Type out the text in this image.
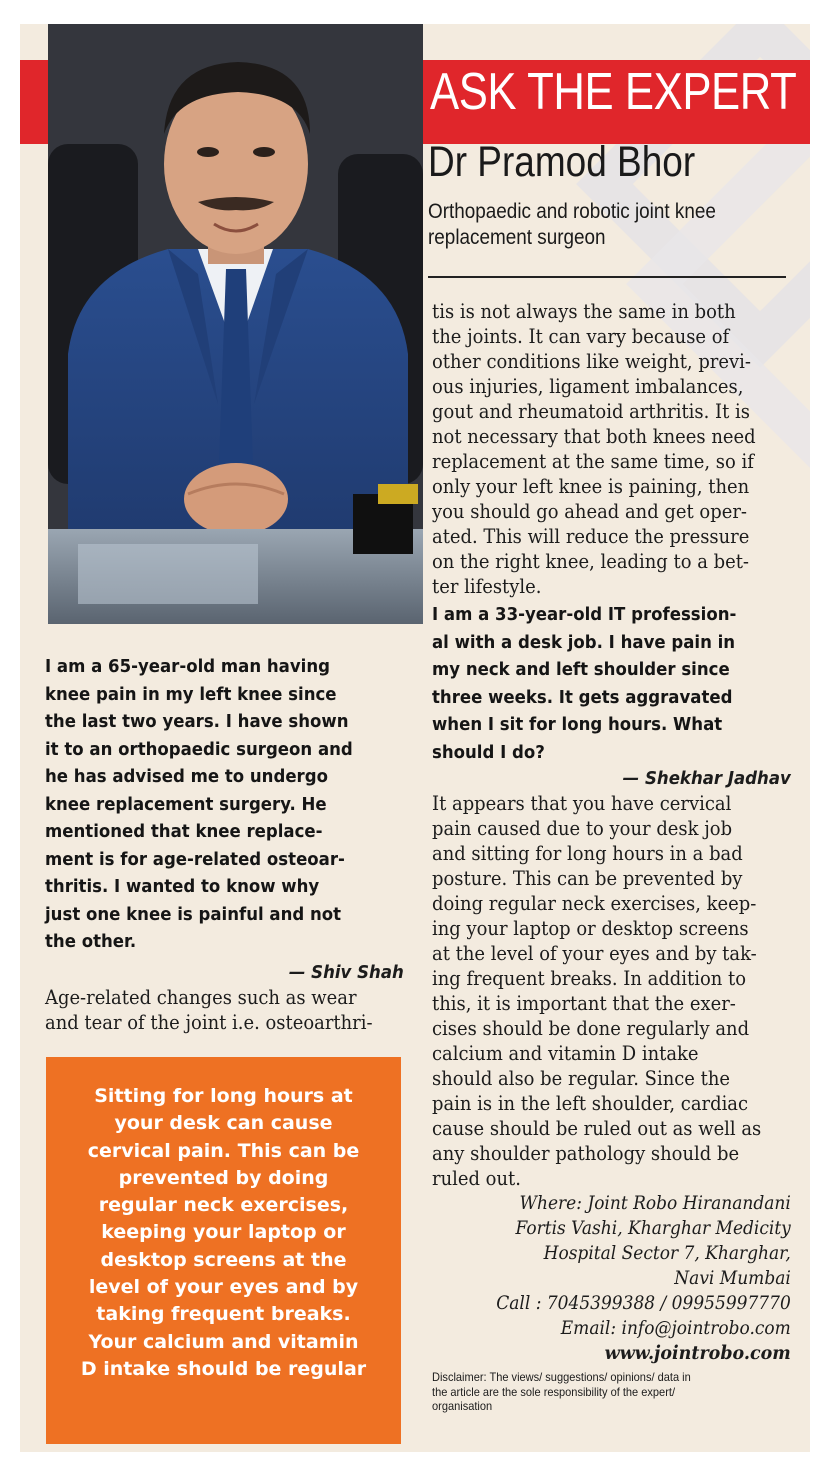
ASK THE EXPERT
Dr Pramod Bhor
Orthopaedic and robotic joint knee replacement surgeon

I am a 65-year-old man having
knee pain in my left knee since
the last two years. I have shown
it to an orthopaedic surgeon and
he has advised me to undergo
knee replacement surgery. He
mentioned that knee replace-
ment is for age-related osteoar-
thritis. I wanted to know why
just one knee is painful and not
the other.

— Shiv Shah

Age-related changes such as wear
and tear of the joint i.e. osteoarthri-

tis is not always the same in both
the joints. It can vary because of
other conditions like weight, previ-
ous injuries, ligament imbalances,
gout and rheumatoid arthritis. It is
not necessary that both knees need
replacement at the same time, so if
only your left knee is paining, then
you should go ahead and get oper-
ated. This will reduce the pressure
on the right knee, leading to a bet-
ter lifestyle.

I am a 33-year-old IT profession-
al with a desk job. I have pain in
my neck and left shoulder since
three weeks. It gets aggravated
when I sit for long hours. What
should I do?

— Shekhar Jadhav

It appears that you have cervical
pain caused due to your desk job
and sitting for long hours in a bad
posture. This can be prevented by
doing regular neck exercises, keep-
ing your laptop or desktop screens
at the level of your eyes and by tak-
ing frequent breaks. In addition to
this, it is important that the exer-
cises should be done regularly and
calcium and vitamin D intake
should also be regular. Since the
pain is in the left shoulder, cardiac
cause should be ruled out as well as
any shoulder pathology should be
ruled out.

Where: Joint Robo Hiranandani
Fortis Vashi, Kharghar Medicity
Hospital Sector 7, Kharghar,
Navi Mumbai

Call : 7045399388 / 09955997770

Email: info@jointrobo.com

www.jointrobo.com

Disclaimer: The views/ suggestions/ opinions/ data in
the article are the sole responsibility of the expert/
organisation

Sitting for long hours at
your desk can cause
cervical pain. This can be
prevented by doing
regular neck exercises,
keeping your laptop or
desktop screens at the
level of your eyes and by
taking frequent breaks.
Your calcium and vitamin
D intake should be regular
